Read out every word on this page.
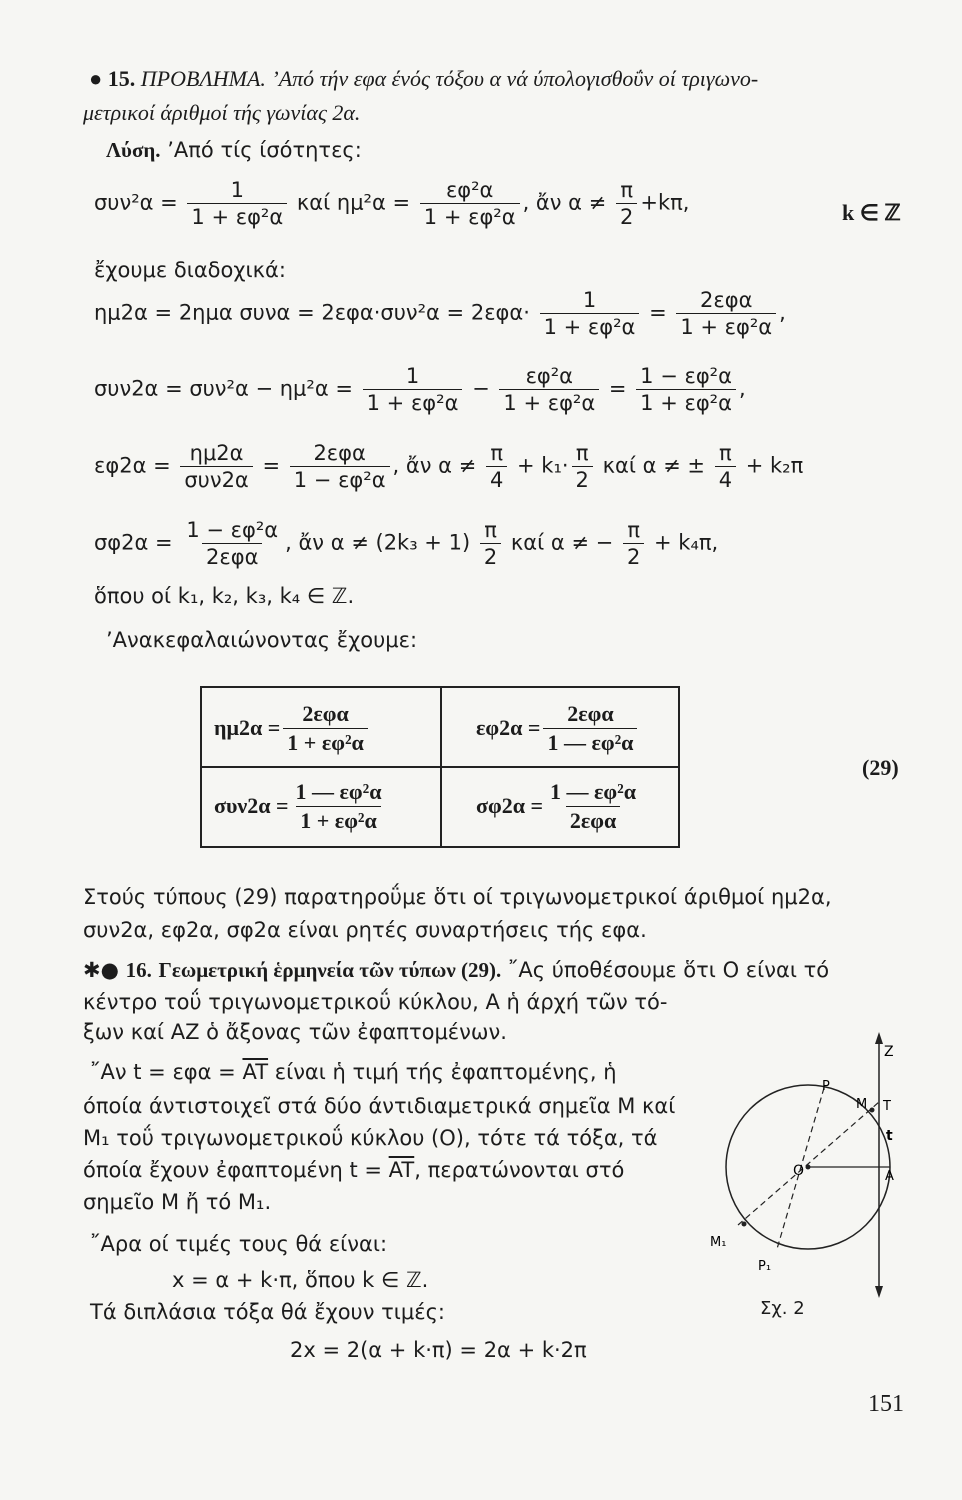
● 15. ΠΡΟΒΛΗΜΑ. ’Από τήν εφα ένός τόξου α νά ύπολογισθοΰν οί τριγωνο-
μετρικοί άριθμοί τής γωνίας 2α.
Λύση. ’Από τίς ίσότητες:
$\sigma\upsilon\nu^2\alpha = \frac{1}{\text{1 + εφ²α}}$ καί $\eta\mu^2\alpha = \frac{\text{εφ²α}}{\text{1 + εφ²α}}$ , ἄν $\alpha \ne \frac{\pi}{2} +k\pi$,	k ∈ ℤ
ἔχουμε διαδοχικά:
ημ2α = 2ημα $\sigma\upsilon\nu\alpha = 2\varepsilon\varphi\alpha\cdot\sigma\upsilon\nu^2\alpha = 2\varepsilon\varphi\alpha\cdot \frac{1}{\text{1 + εφ²α}} = \frac{\text{2εφα}}{\text{1 + εφ²α}}$ ,
$\sigma\upsilon\nu 2\alpha = \sigma\upsilon\nu^2\alpha - \eta\mu^2\alpha = \frac{1}{\text{1 + εφ²α}} - \frac{\text{εφ²α}}{\text{1 + εφ²α}} = \frac{\text{1 − εφ²α}}{\text{1 + εφ²α}}$ ,
$\varepsilon\varphi 2\alpha = \frac{\eta\mu 2\alpha}{\text{συν2α}} = \frac{\text{2εφα}}{\text{1 − εφ²α}}$ , ἄν $\alpha \ne \frac{\pi}{4} + k_1\cdot \frac{\pi}{2}$ καί α ≠ ± $\frac{\pi}{4} + k_2\pi$
$\sigma\varphi 2\alpha = \frac{\text{1 − εφ²α}}{\text{2εφα}}$ , ἄν $\alpha \ne (2k_3 + 1) \frac{\pi}{2}$ καί α ≠ − $\frac{\pi}{2} + k_4\pi$,
ὅπου οί k₁, k₂, k₃, k₄ ∈ ℤ.
’Ανακεφαλαιώνοντας ἔχουμε:
$\eta\mu 2\alpha = \frac{\text{2εφα}}{\text{1 + εφ²α}}$	$\varepsilon\varphi 2\alpha = \frac{\text{2εφα}}{\text{1 — εφ²α}}$
$\sigma\upsilon\nu 2\alpha = \frac{\text{1 — εφ²α}}{\text{1 + εφ²α}}$	$\sigma\varphi 2\alpha = \frac{\text{1 — εφ²α}}{\text{2εφα}}$
(29)
Στούς τύπους (29) παρατηροΰμε ὅτι οί τριγωνομετρικοί άριθμοί ημ2α,
συν2α, εφ2α, σφ2α είναι ρητές συναρτήσεις τής εφα.
✱● 16. Γεωμετρική ἑρμηνεία τῶν τύπων (29). ῎Ας ύποθέσουμε ὅτι Ο είναι τό
κέντρο τοΰ τριγωνομετρικοΰ κύκλου, Α ἡ άρχή τῶν τό-
ξων καί ΑΖ ὁ ἄξονας τῶν ἐφαπτομένων.
῎Αν $t = \varepsilon\varphi\alpha = \overline{AT}$ είναι ἡ τιμή τής ἐφαπτομένης, ἡ
όποία άντιστοιχεῖ στά δύο άντιδιαμετρικά σημεῖα Μ καί
Μ₁ τοΰ τριγωνομετρικοΰ κύκλου (Ο), τότε τά τόξα, τά
όποία ἔχουν ἐφαπτομένη $t = \overline{AT}$, περατώνονται στό
σημεῖο Μ ἤ τό Μ₁.
῎Αρα οί τιμές τους θά είναι:
x = α + k·π, ὅπου k ∈ ℤ.
Τά διπλάσια τόξα θά ἔχουν τιμές:
2x = 2(α + k·π) = 2α + k·2π
Z
P
M T
t
O	A
M₁
P₁
Σχ. 2
151
